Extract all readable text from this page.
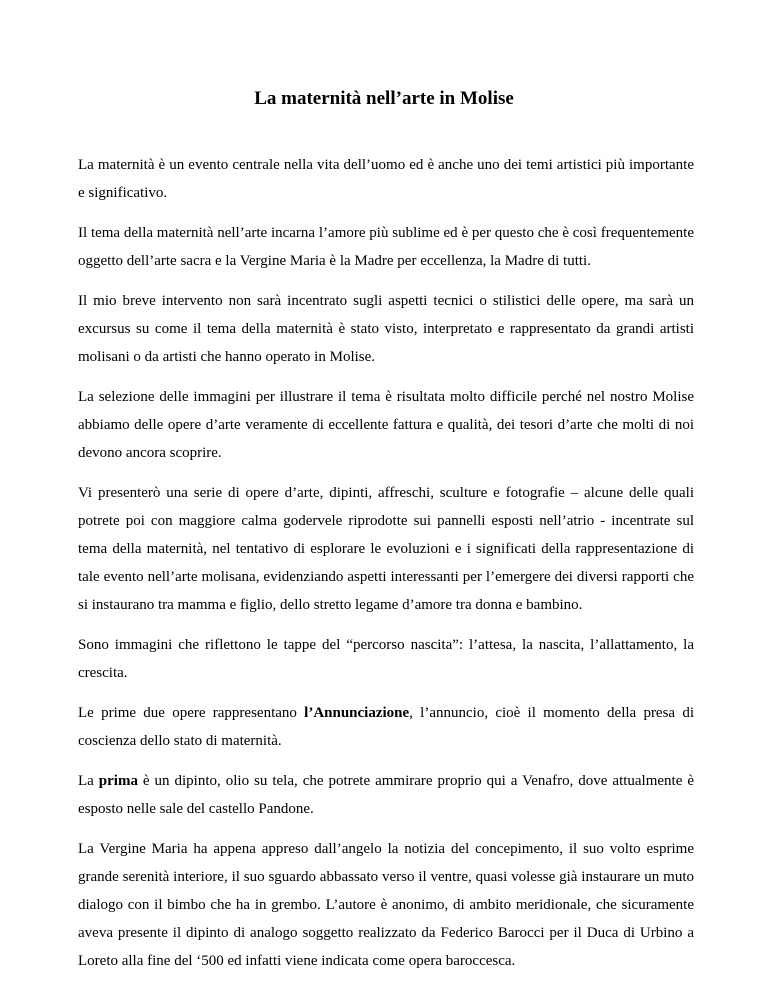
La maternità nell’arte in Molise

La maternità è un evento centrale nella vita dell’uomo ed è anche uno dei temi artistici più importante e significativo.

Il tema della maternità nell’arte incarna l’amore più sublime ed è per questo che è così frequentemente oggetto dell’arte sacra e la Vergine Maria è la Madre per eccellenza, la Madre di tutti.

Il mio breve intervento non sarà incentrato sugli aspetti tecnici o stilistici delle opere, ma sarà un excursus su come il tema della maternità è stato visto, interpretato e rappresentato da grandi artisti molisani o da artisti che hanno operato in Molise.

La selezione delle immagini per illustrare il tema è risultata molto difficile perché nel nostro Molise abbiamo delle opere d’arte veramente di eccellente fattura e qualità, dei tesori d’arte che molti di noi devono ancora scoprire.

Vi presenterò una serie di opere d’arte, dipinti, affreschi, sculture e fotografie – alcune delle quali potrete poi con maggiore calma godervele riprodotte sui pannelli esposti nell’atrio - incentrate sul tema della maternità, nel tentativo di esplorare le evoluzioni e i significati della rappresentazione di tale evento nell’arte molisana, evidenziando aspetti interessanti per l’emergere dei diversi rapporti che si instaurano tra mamma e figlio, dello stretto legame d’amore tra donna e bambino.

Sono immagini che riflettono le tappe del “percorso nascita”: l’attesa, la nascita, l’allattamento, la crescita.

Le prime due opere rappresentano l’Annunciazione, l’annuncio, cioè il momento della presa di coscienza dello stato di maternità.

La prima è un dipinto, olio su tela, che potrete ammirare proprio qui a Venafro, dove attualmente è esposto nelle sale del castello Pandone.

La Vergine Maria ha appena appreso dall’angelo la notizia del concepimento, il suo volto esprime grande serenità interiore, il suo sguardo abbassato verso il ventre, quasi volesse già instaurare un muto dialogo con il bimbo che ha in grembo. L’autore è anonimo, di ambito meridionale, che sicuramente aveva presente il dipinto di analogo soggetto realizzato da Federico Barocci per il Duca di Urbino a Loreto alla fine del ‘500 ed infatti viene indicata come opera baroccesca.
